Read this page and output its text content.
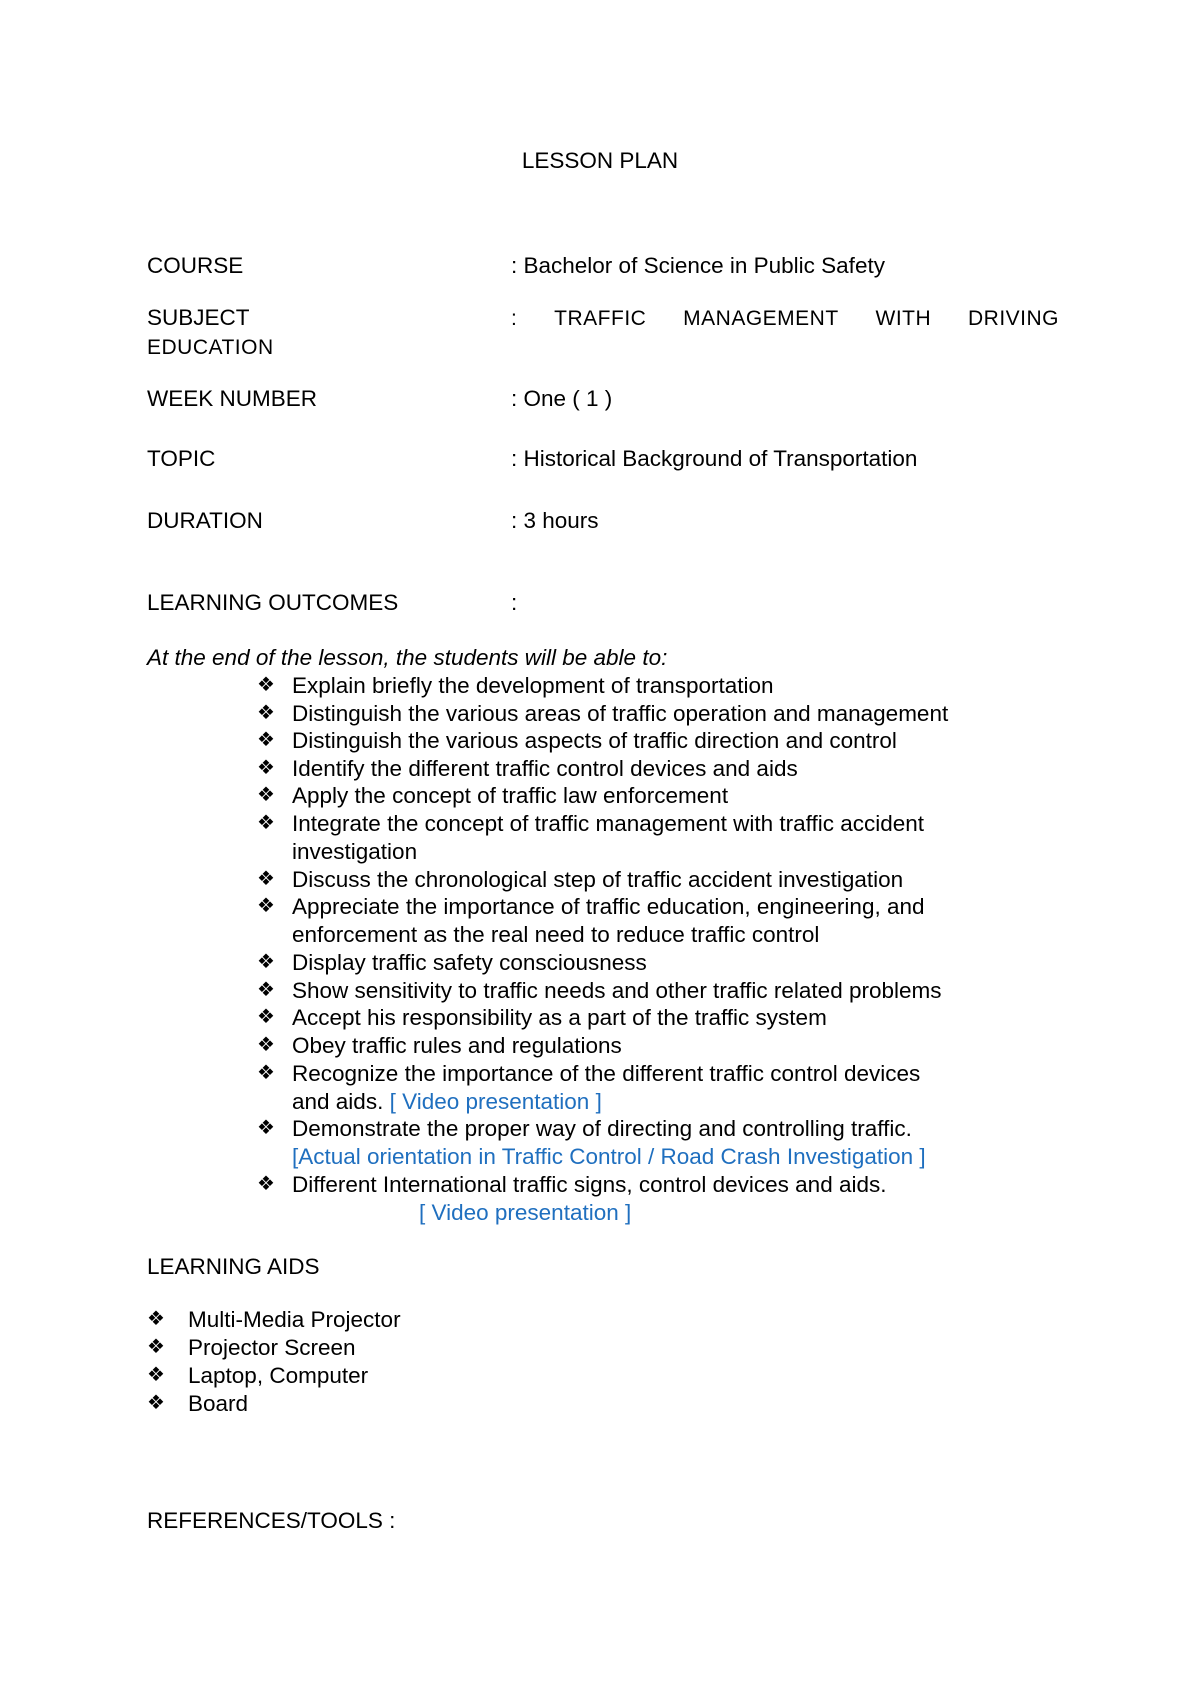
LESSON PLAN
COURSE	: Bachelor of Science in Public Safety
SUBJECT	: TRAFFIC MANAGEMENT WITH DRIVING
EDUCATION
WEEK NUMBER	: One ( 1 )
TOPIC	: Historical Background of Transportation
DURATION	: 3 hours
LEARNING OUTCOMES	:
At the end of the lesson, the students will be able to:
❖ Explain briefly the development of transportation
❖ Distinguish the various areas of traffic operation and management
❖ Distinguish the various aspects of traffic direction and control
❖ Identify the different traffic control devices and aids
❖ Apply the concept of traffic law enforcement
❖ Integrate the concept of traffic management with traffic accident
investigation
❖ Discuss the chronological step of traffic accident investigation
❖ Appreciate the importance of traffic education, engineering, and
enforcement as the real need to reduce traffic control
❖ Display traffic safety consciousness
❖ Show sensitivity to traffic needs and other traffic related problems
❖ Accept his responsibility as a part of the traffic system
❖ Obey traffic rules and regulations
❖ Recognize the importance of the different traffic control devices
and aids. [ Video presentation ]
❖ Demonstrate the proper way of directing and controlling traffic.
[Actual orientation in Traffic Control / Road Crash Investigation ]
❖ Different International traffic signs, control devices and aids.
[ Video presentation ]
LEARNING AIDS
❖ Multi-Media Projector
❖ Projector Screen
❖ Laptop, Computer
❖ Board
REFERENCES/TOOLS :
